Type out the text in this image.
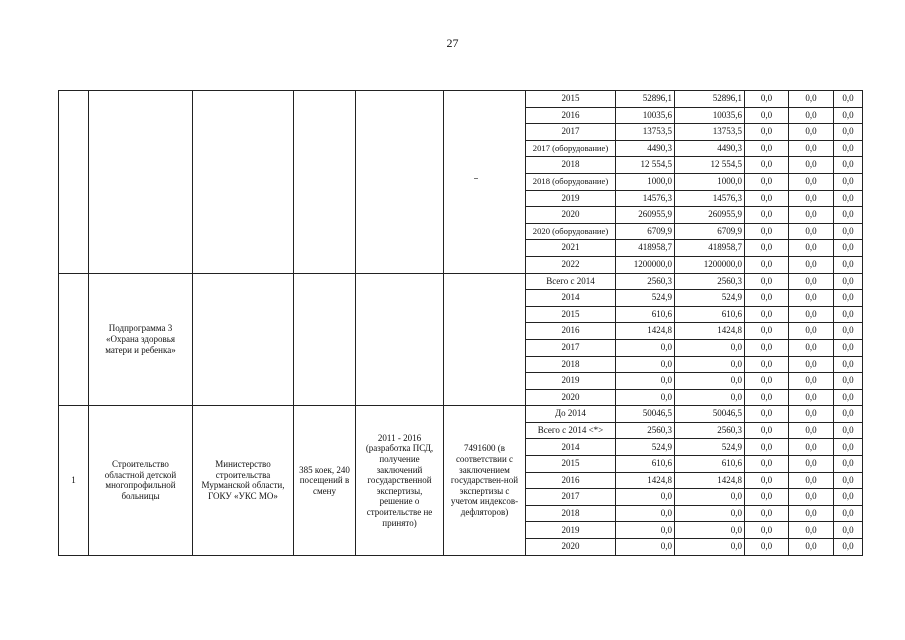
27
						2015	52896,1	52896,1	0,0	0,0	0,0
						2016	10035,6	10035,6	0,0	0,0	0,0
						2017	13753,5	13753,5	0,0	0,0	0,0
						2017 (оборудование)	4490,3	4490,3	0,0	0,0	0,0
						2018	12 554,5	12 554,5	0,0	0,0	0,0
						2018 (оборудование)	1000,0	1000,0	0,0	0,0	0,0
						2019	14576,3	14576,3	0,0	0,0	0,0
						2020	260955,9	260955,9	0,0	0,0	0,0
						2020 (оборудование)	6709,9	6709,9	0,0	0,0	0,0
						2021	418958,7	418958,7	0,0	0,0	0,0
						2022	1200000,0	1200000,0	0,0	0,0	0,0
	Подпрограмма 3 «Охрана здоровья матери и ребенка»					Всего с 2014	2560,3	2560,3	0,0	0,0	0,0
						2014	524,9	524,9	0,0	0,0	0,0
						2015	610,6	610,6	0,0	0,0	0,0
						2016	1424,8	1424,8	0,0	0,0	0,0
						2017	0,0	0,0	0,0	0,0	0,0
						2018	0,0	0,0	0,0	0,0	0,0
						2019	0,0	0,0	0,0	0,0	0,0
						2020	0,0	0,0	0,0	0,0	0,0
1	Строительство областной детской многопрофильной больницы	Министерство строительства Мурманской области, ГОКУ «УКС МО»	385 коек, 240 посещений в смену	2011 - 2016 (разработка ПСД, получение заключений государственной экспертизы, решение о строительстве не принято)	7491600 (в соответствии с заключением государствен-ной экспертизы с учетом индексов-дефляторов)	До 2014	50046,5	50046,5	0,0	0,0	0,0
						Всего с 2014 <*>	2560,3	2560,3	0,0	0,0	0,0
						2014	524,9	524,9	0,0	0,0	0,0
						2015	610,6	610,6	0,0	0,0	0,0
						2016	1424,8	1424,8	0,0	0,0	0,0
						2017	0,0	0,0	0,0	0,0	0,0
						2018	0,0	0,0	0,0	0,0	0,0
						2019	0,0	0,0	0,0	0,0	0,0
						2020	0,0	0,0	0,0	0,0	0,0
